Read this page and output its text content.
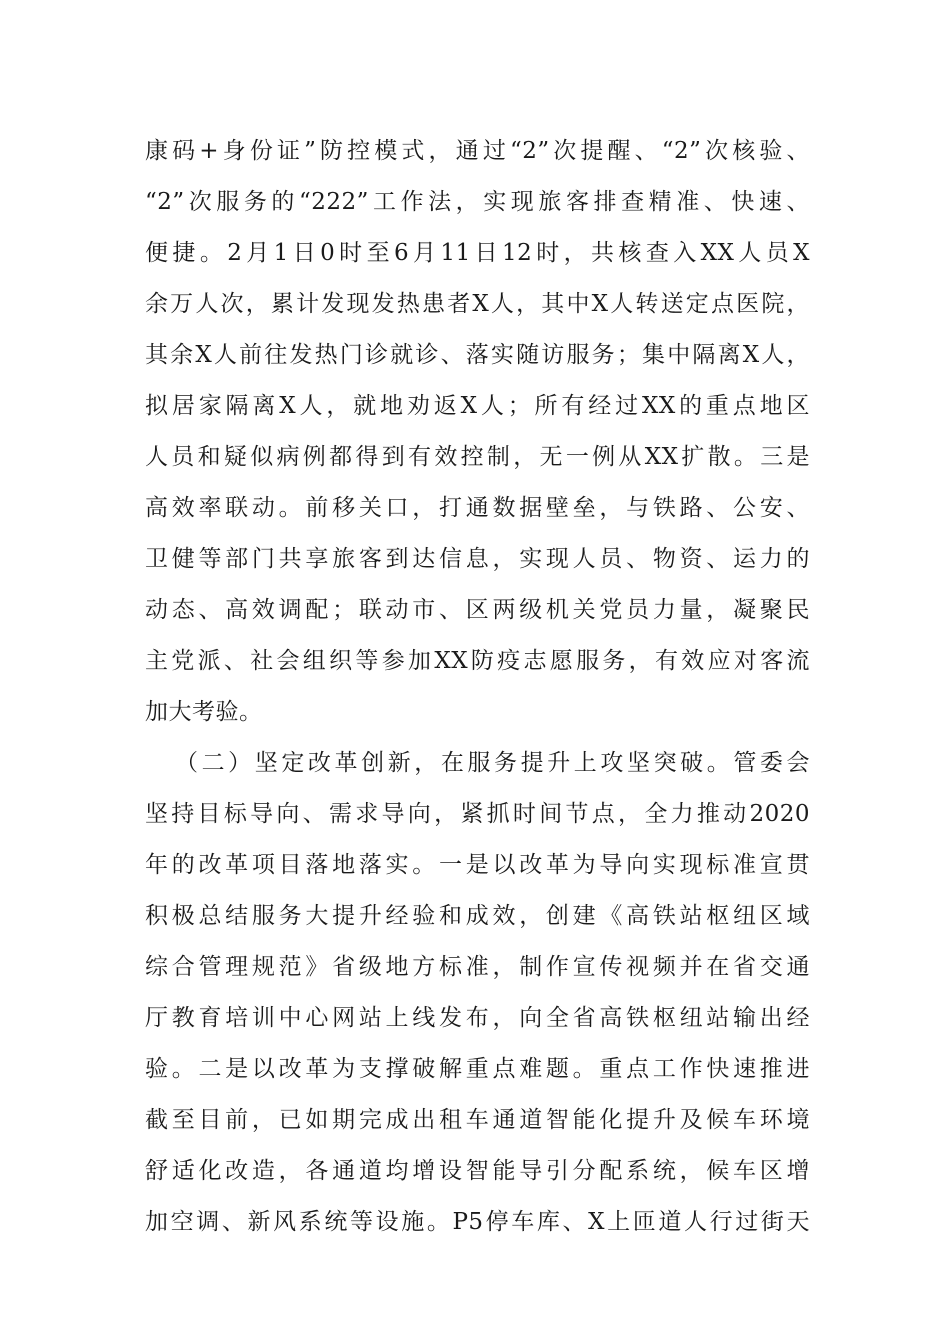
康码+身份证”防控模式，通过“2”次提醒、“2”次核验、
“2”次服务的“222”工作法，实现旅客排查精准、快速、
便捷。2月1日0时至6月11日12时，共核查入XX人员X
余万人次，累计发现发热患者X人，其中X人转送定点医院，
其余X人前往发热门诊就诊、落实随访服务；集中隔离X人，
拟居家隔离X人，就地劝返X人；所有经过XX的重点地区
人员和疑似病例都得到有效控制，无一例从XX扩散。三是
高效率联动。前移关口，打通数据壁垒，与铁路、公安、
卫健等部门共享旅客到达信息，实现人员、物资、运力的
动态、高效调配；联动市、区两级机关党员力量，凝聚民
主党派、社会组织等参加XX防疫志愿服务，有效应对客流
加大考验。
（二）坚定改革创新，在服务提升上攻坚突破。管委会
坚持目标导向、需求导向，紧抓时间节点，全力推动2020
年的改革项目落地落实。一是以改革为导向实现标准宣贯
积极总结服务大提升经验和成效，创建《高铁站枢纽区域
综合管理规范》省级地方标准，制作宣传视频并在省交通
厅教育培训中心网站上线发布，向全省高铁枢纽站输出经
验。二是以改革为支撑破解重点难题。重点工作快速推进
截至目前，已如期完成出租车通道智能化提升及候车环境
舒适化改造，各通道均增设智能导引分配系统，候车区增
加空调、新风系统等设施。P5停车库、X上匝道人行过街天
